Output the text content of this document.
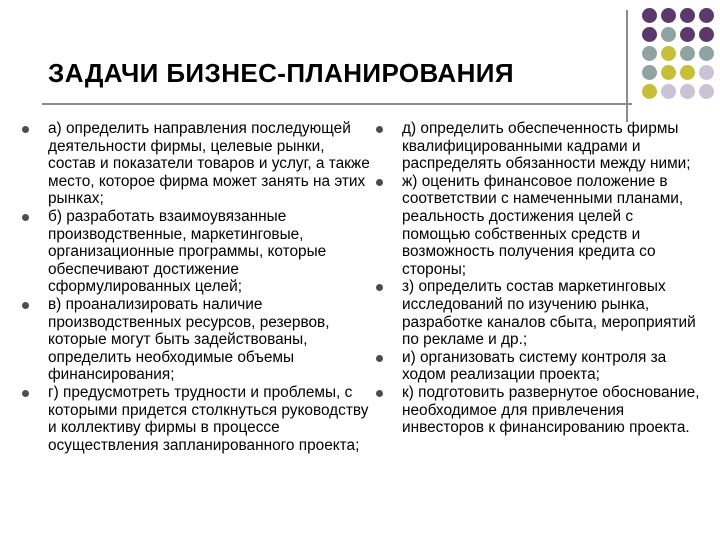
ЗАДАЧИ БИЗНЕС-ПЛАНИРОВАНИЯ
а) определить направления последующей деятельности фирмы, целевые рынки, состав и показатели товаров и услуг, а также место, которое фирма может занять на этих рынках;
б) разработать взаимоувязанные производственные, маркетинговые, организационные программы, которые обеспечивают достижение сформулированных целей;
в) проанализировать наличие производственных ресурсов, резервов, которые могут быть задействованы, определить необходимые объемы финансирования;
г) предусмотреть трудности и проблемы, с которыми придется столкнуться руководству и коллективу фирмы в процессе осуществления запланированного проекта;
д) определить обеспеченность фирмы квалифицированными кадрами и распределять обязанности между ними;
ж) оценить финансовое положение в соответствии с намеченными планами, реальность достижения целей с помощью собственных средств и возможность получения кредита со стороны;
з) определить состав маркетинговых исследований по изучению рынка, разработке каналов сбыта, мероприятий по рекламе и др.;
и) организовать систему контроля за ходом реализации проекта;
к) подготовить развернутое обоснование, необходимое для привлечения инвесторов к финансированию проекта.
